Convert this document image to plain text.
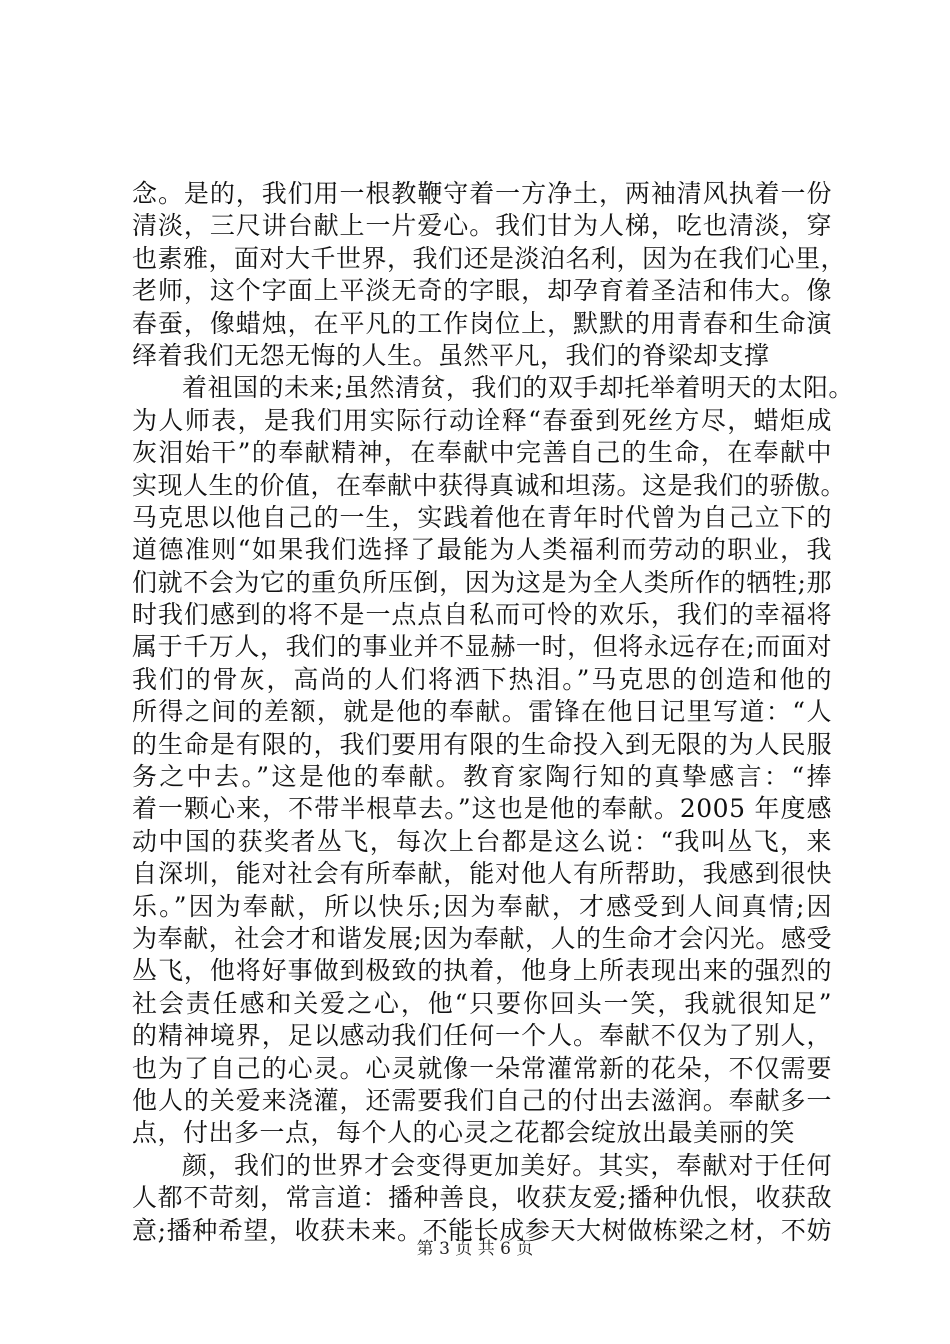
念。是的，我们用一根教鞭守着一方净土，两袖清风执着一份
清淡，三尺讲台献上一片爱心。我们甘为人梯，吃也清淡，穿
也素雅，面对大千世界，我们还是淡泊名利，因为在我们心里，
老师，这个字面上平淡无奇的字眼，却孕育着圣洁和伟大。像
春蚕，像蜡烛，在平凡的工作岗位上，默默的用青春和生命演
绎着我们无怨无悔的人生。虽然平凡，我们的脊梁却支撑
着祖国的未来;虽然清贫，我们的双手却托举着明天的太阳。
为人师表，是我们用实际行动诠释“春蚕到死丝方尽，蜡炬成
灰泪始干”的奉献精神，在奉献中完善自己的生命，在奉献中
实现人生的价值，在奉献中获得真诚和坦荡。这是我们的骄傲。
马克思以他自己的一生，实践着他在青年时代曾为自己立下的
道德准则“如果我们选择了最能为人类福利而劳动的职业，我
们就不会为它的重负所压倒，因为这是为全人类所作的牺牲;那
时我们感到的将不是一点点自私而可怜的欢乐，我们的幸福将
属于千万人，我们的事业并不显赫一时，但将永远存在;而面对
我们的骨灰，高尚的人们将洒下热泪。”马克思的创造和他的
所得之间的差额，就是他的奉献。雷锋在他日记里写道：“人
的生命是有限的，我们要用有限的生命投入到无限的为人民服
务之中去。”这是他的奉献。教育家陶行知的真挚感言：“捧
着一颗心来，不带半根草去。”这也是他的奉献。2005 年度感
动中国的获奖者丛飞，每次上台都是这么说：“我叫丛飞，来
自深圳，能对社会有所奉献，能对他人有所帮助，我感到很快
乐。”因为奉献，所以快乐;因为奉献，才感受到人间真情;因
为奉献，社会才和谐发展;因为奉献，人的生命才会闪光。感受
丛飞，他将好事做到极致的执着，他身上所表现出来的强烈的
社会责任感和关爱之心，他“只要你回头一笑，我就很知足”
的精神境界，足以感动我们任何一个人。奉献不仅为了别人，
也为了自己的心灵。心灵就像一朵常灌常新的花朵，不仅需要
他人的关爱来浇灌，还需要我们自己的付出去滋润。奉献多一
点，付出多一点，每个人的心灵之花都会绽放出最美丽的笑
颜，我们的世界才会变得更加美好。其实，奉献对于任何
人都不苛刻，常言道：播种善良，收获友爱;播种仇恨，收获敌
意;播种希望，收获未来。不能长成参天大树做栋梁之材，不妨
第 3 页 共 6 页
